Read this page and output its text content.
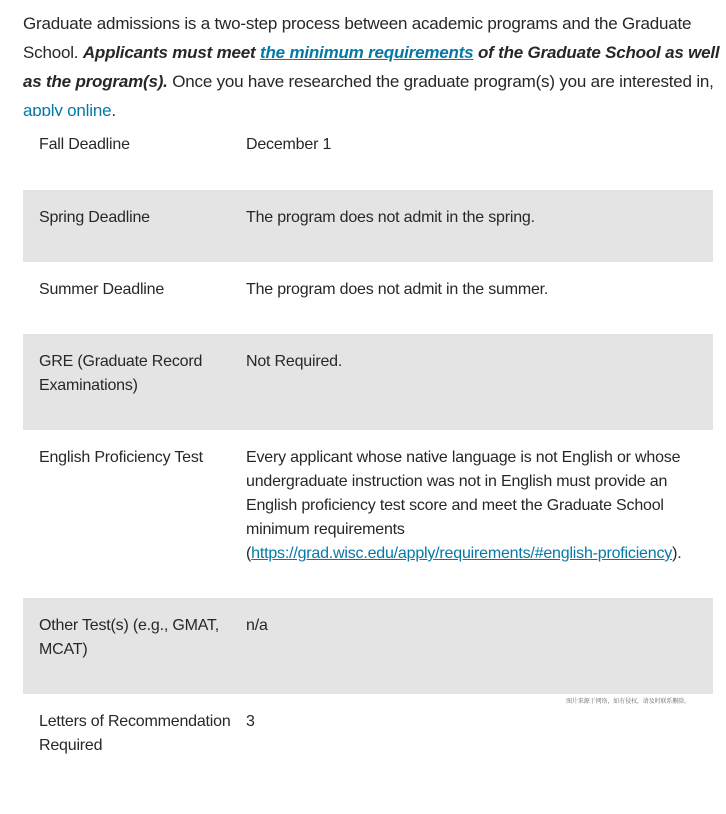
Graduate admissions is a two-step process between academic programs and the Graduate School. Applicants must meet the minimum requirements of the Graduate School as well as the program(s). Once you have researched the graduate program(s) you are interested in, apply online.
Fall Deadline	December 1
Spring Deadline	The program does not admit in the spring.
Summer Deadline	The program does not admit in the summer.
GRE (Graduate Record Examinations)	Not Required.
English Proficiency Test	Every applicant whose native language is not English or whose undergraduate instruction was not in English must provide an English proficiency test score and meet the Graduate School minimum requirements (https://grad.wisc.edu/apply/requirements/#english-proficiency).
Other Test(s) (e.g., GMAT, MCAT)	n/a
Letters of Recommendation Required	3
图片来源于网络，如有侵权，请及时联系删除。
